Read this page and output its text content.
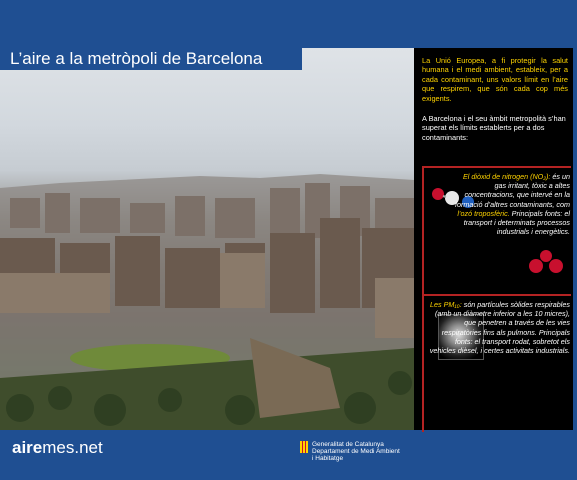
L’aire a la metròpoli de Barcelona	La Unió Europea, a fi protegir la salut humana i el medi ambient, estableix, per a cada contaminant, uns valors límit en l’aire que respirem, que són cada cop més exigents.
A Barcelona i el seu àmbit metropolità s’han superat els límits establerts per a dos contaminants:
El diòxid de nitrogen (NO₂): és un gas irritant, tòxic a altes concentracions, que intervé en la formació d’altres contaminants, com l’ozó troposfèric. Principals fonts: el transport i determinats processos industrials i energètics.
Les PM₁₀: són partícules sòlides respirables (amb un diàmetre inferior a les 10 micres), que penetren a través de les vies respiratòries fins als pulmons. Principals fonts: el transport rodat, sobretot els vehicles dièsel, i certes activitats industrials.
airemes.net	Generalitat de Catalunya
Departament de Medi Ambient
i Habitatge
